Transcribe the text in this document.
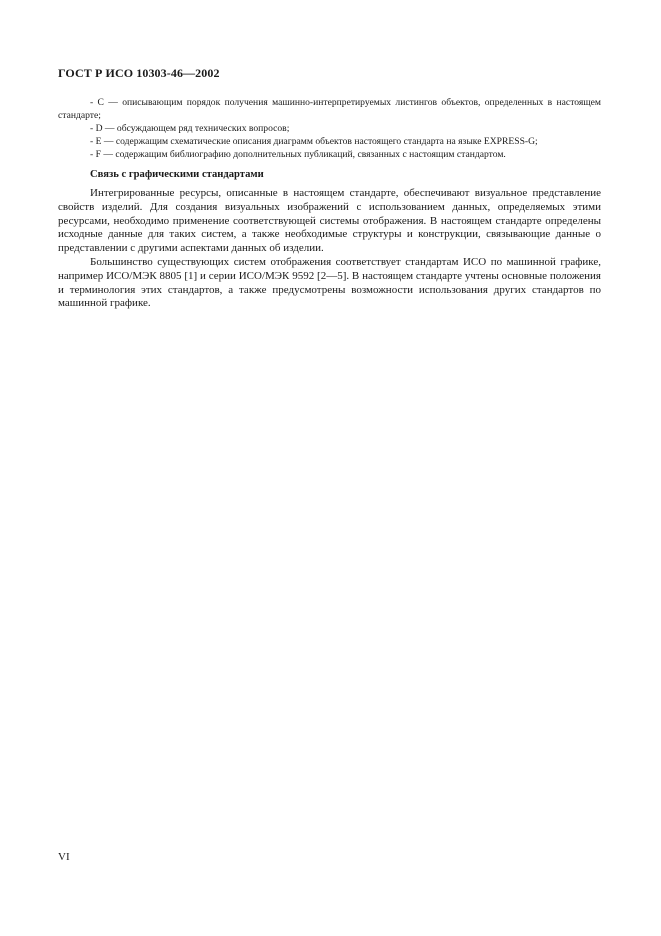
ГОСТ Р ИСО 10303-46—2002

- С — описывающим порядок получения машинно-интерпретируемых листингов объектов, определенных в настоящем стандарте;

- D — обсуждающем ряд технических вопросов;

- Е — содержащим схематические описания диаграмм объектов настоящего стандарта на языке EXPRESS-G;

- F — содержащим библиографию дополнительных публикаций, связанных с настоящим стандартом.

Связь с графическими стандартами

Интегрированные ресурсы, описанные в настоящем стандарте, обеспечивают визуальное представление свойств изделий. Для создания визуальных изображений с использованием данных, определяемых этими ресурсами, необходимо применение соответствующей системы отображения. В настоящем стандарте определены исходные данные для таких систем, а также необходимые структуры и конструкции, связывающие данные о представлении с другими аспектами данных об изделии.

Большинство существующих систем отображения соответствует стандартам ИСО по машинной графике, например ИСО/МЭК 8805 [1] и серии ИСО/МЭК 9592 [2—5]. В настоящем стандарте учтены основные положения и терминология этих стандартов, а также предусмотрены возможности использования других стандартов по машинной графике.

VI
